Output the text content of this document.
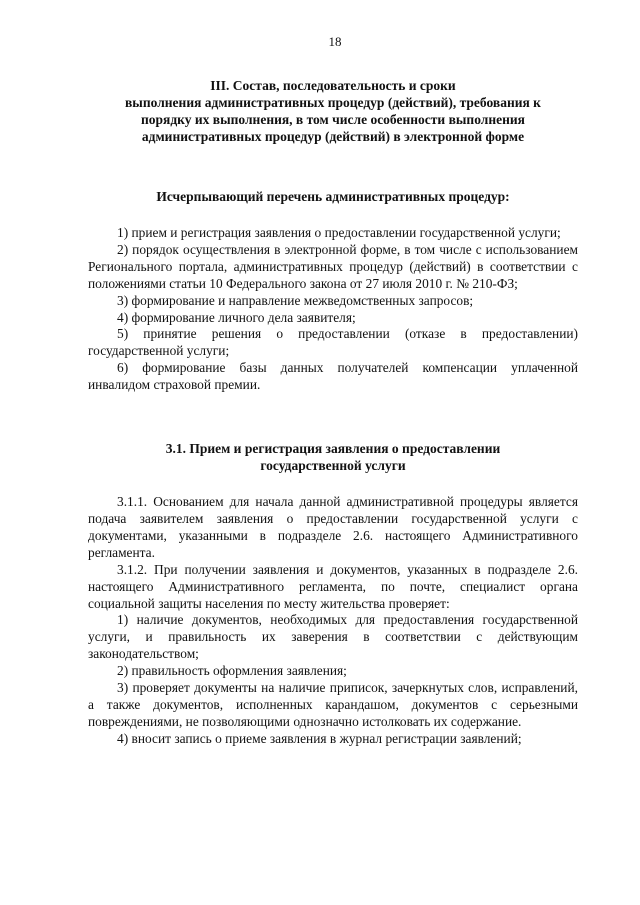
18
III. Состав, последовательность и сроки
выполнения административных процедур (действий), требования к
порядку их выполнения, в том числе особенности выполнения
административных процедур (действий) в электронной форме
Исчерпывающий перечень административных процедур:

1) прием и регистрация заявления о предоставлении государственной услуги;

2) порядок осуществления в электронной форме, в том числе с использованием Регионального портала, административных процедур (действий) в соответствии с положениями статьи 10 Федерального закона от 27 июля 2010 г. № 210-ФЗ;

3) формирование и направление межведомственных запросов;

4) формирование личного дела заявителя;

5) принятие решения о предоставлении (отказе в предоставлении) государственной услуги;

6) формирование базы данных получателей компенсации уплаченной инвалидом страховой премии.

3.1. Прием и регистрация заявления о предоставлении
государственной услуги

3.1.1. Основанием для начала данной административной процедуры является подача заявителем заявления о предоставлении государственной услуги с документами, указанными в подразделе 2.6. настоящего Административного регламента.

3.1.2. При получении заявления и документов, указанных в подразделе 2.6. настоящего Административного регламента, по почте, специалист органа социальной защиты населения по месту жительства проверяет:

1) наличие документов, необходимых для предоставления государственной услуги, и правильность их заверения в соответствии с действующим законодательством;

2) правильность оформления заявления;

3) проверяет документы на наличие приписок, зачеркнутых слов, исправлений, а также документов, исполненных карандашом, документов с серьезными повреждениями, не позволяющими однозначно истолковать их содержание.

4) вносит запись о приеме заявления в журнал регистрации заявлений;
